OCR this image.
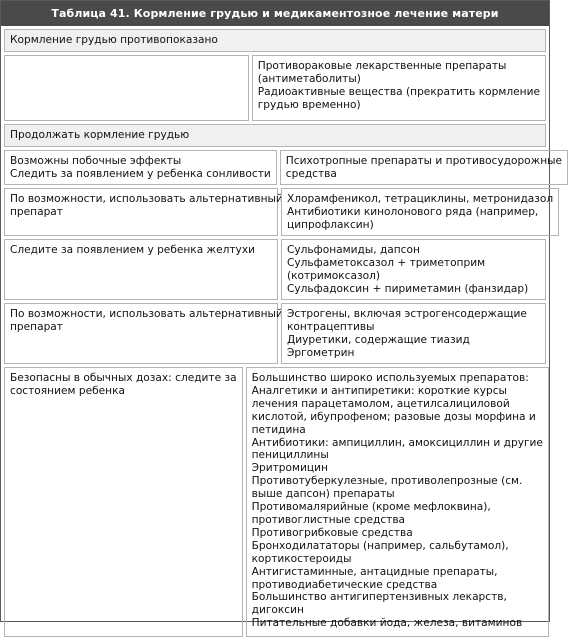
Таблица 41. Кормление грудью и медикаментозное лечение матери
Кормление грудью противопоказано
Противораковые лекарственные препараты
(антиметаболиты)
Радиоактивные вещества (прекратить кормление
грудью временно)
Продолжать кормление грудью
Возможны побочные эффекты
Следить за появлением у ребенка сонливости
Психотропные препараты и противосудорожные
средства
По возможности, использовать альтернативный
препарат
Хлорамфеникол, тетрациклины, метронидазол
Антибиотики кинолонового ряда (например,
ципрофлаксин)
Следите за появлением у ребенка желтухи	Сульфонамиды, дапсон
Сульфаметоксазол + триметоприм
(котримоксазол)
Сульфадоксин + пириметамин (фанзидар)
По возможности, использовать альтернативный
препарат
Эстрогены, включая эстрогенсодержащие
контрацептивы
Диуретики, содержащие тиазид
Эргометрин
Безопасны в обычных дозах: следите за
состоянием ребенка
Большинство широко используемых препаратов:
Аналгетики и антипиретики: короткие курсы
лечения парацетамолом, ацетилсалициловой
кислотой, ибупрофеном; разовые дозы морфина и
петидина
Антибиотики: ампициллин, амоксициллин и другие
пенициллины
Эритромицин
Противотуберкулезные, противолепрозные (см.
выше дапсон) препараты
Противомалярийные (кроме мефлоквина),
противоглистные средства
Противогрибковые средства
Бронходилататоры (например, сальбутамол),
кортикостероиды
Антигистаминные, антацидные препараты,
противодиабетические средства
Большинство антигипертензивных лекарств,
дигоксин
Питательные добавки йода, железа, витаминов
